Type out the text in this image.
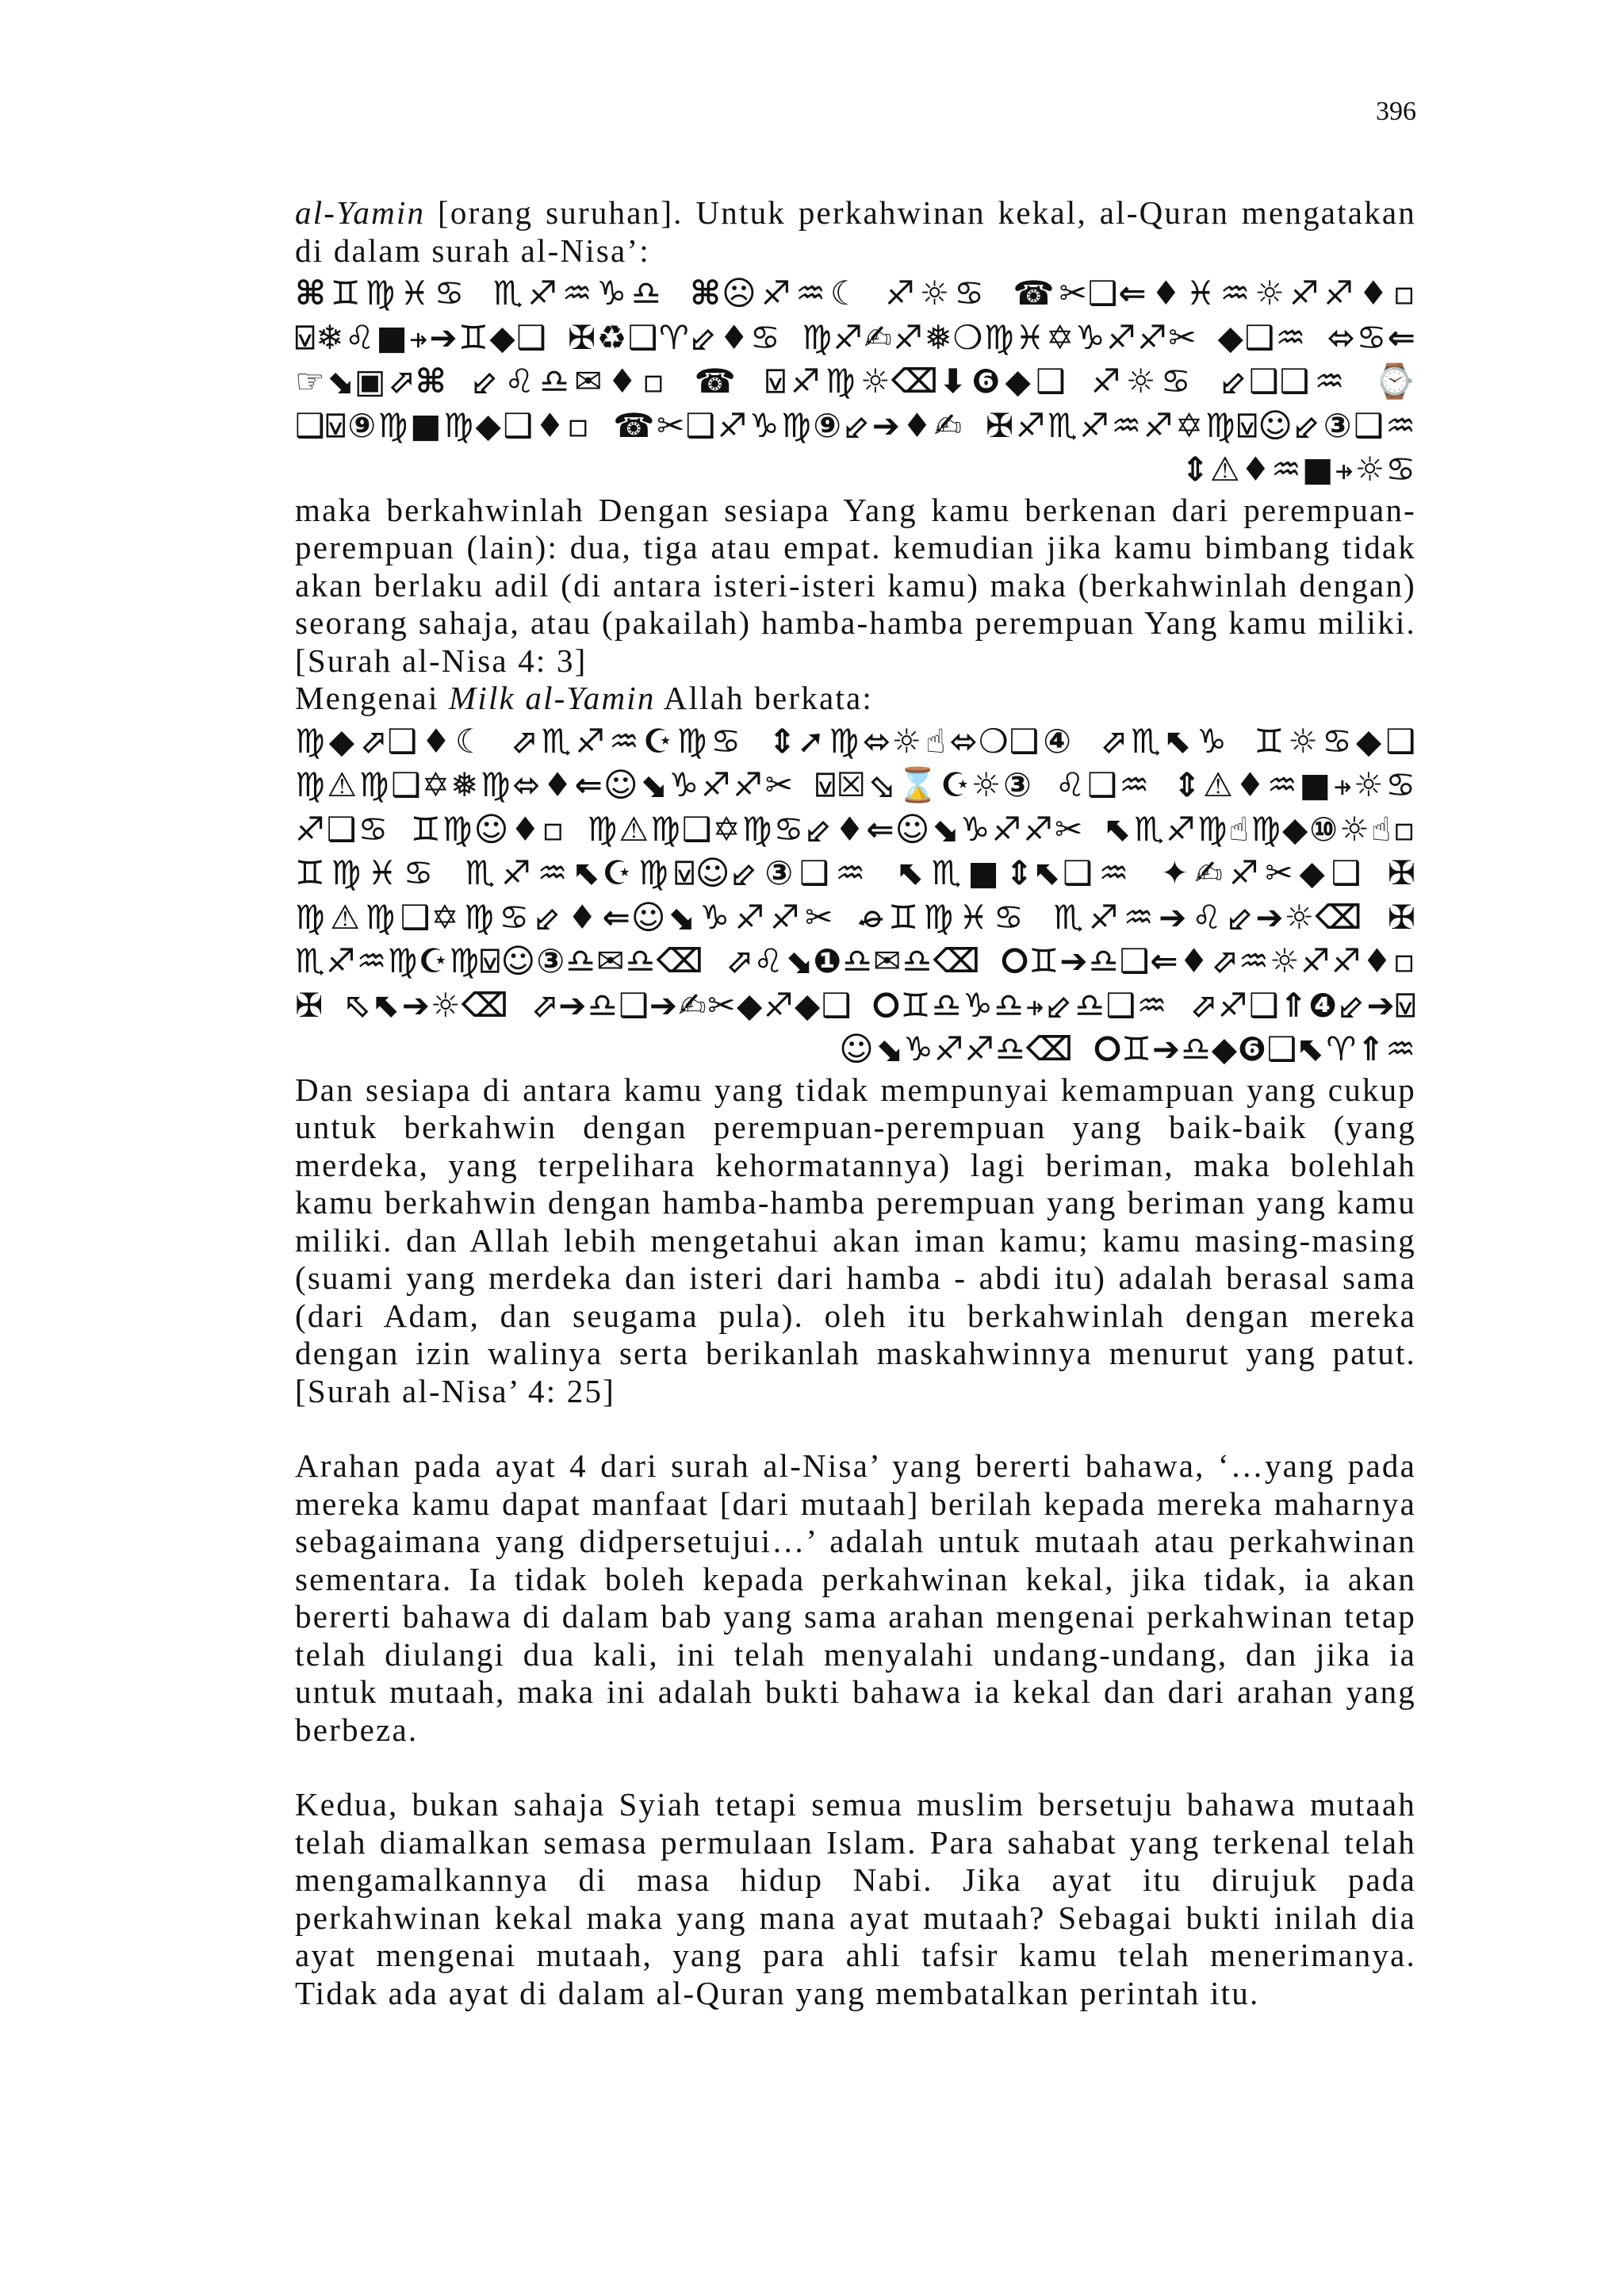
396

al-Yamin [orang suruhan]. Untuk perkahwinan kekal, al-Quran mengatakan di dalam surah al-Nisa’:

⌘♊♍♓♋ ♏♐♒♑♎ ⌘☹♐♒☾ ♐☼♋ ☎✂❑⇐♦♓♒☼♐♐♦▫ ⍌❄♌■⍆➔♊◆❑ ✠♻❑♈⬃♦♋ ♍♐✍♐❅❍♍♓✡♑♐♐✂ ◆❑♒ ⬄♋⇐☞⬊▣⬀⌘ ⬃♌♎✉♦▫ ☎ ⍌♐♍☼⌫⬇❻◆❑ ♐☼♋ ⬃❑❑♒ ⌚❑⍌⑨♍■♍◆❑♦▫ ☎✂❑♐♑♍⑨⬃➔♦✍ ✠♐♏♐♒♐✡♍⍌☺⬃③❑♒ ⇕⚠♦♒■⍆☼♋

maka berkahwinlah Dengan sesiapa Yang kamu berkenan dari perempuan-perempuan (lain): dua, tiga atau empat. kemudian jika kamu bimbang tidak akan berlaku adil (di antara isteri-isteri kamu) maka (berkahwinlah dengan) seorang sahaja, atau (pakailah) hamba-hamba perempuan Yang kamu miliki. [Surah al-Nisa 4: 3]

Mengenai Milk al-Yamin Allah berkata:

♍◆⬀❑♦☾ ⬀♏♐♒☪♍♋ ⇕➚♍⬄☼☝⬄❍❑④ ⬀♏⬉♑ ♊☼♋◆❑ ♍⚠♍❑✡❅♍⬄♦⇐☺⬊♑♐♐✂ ⍌☒⬂⌛☪☼③ ♌❑♒ ⇕⚠♦♒■⍆☼♋ ♐❑♋ ♊♍☺♦▫ ♍⚠♍❑✡♍♋⬃♦⇐☺⬊♑♐♐✂ ⬉♏♐♍☝♍◆⑩☼☝▫ ♊♍♓♋ ♏♐♒⬉☪♍⍌☺⬃③❑♒ ⬉♏■⇕⬉❑♒ ✦✍♐✂◆❑ ✠ ♍⚠♍❑✡♍♋⬃♦⇐☺⬊♑♐♐✂ ⌮♊♍♓♋ ♏♐♒➔♌⬃➔☼⌫ ✠ ♏♐♒♍☪♍⍌☺③♎✉♎⌫ ⬀♌⬊❶♎✉♎⌫ ⭘♊➔♎❑⇐♦⬀♒☼♐♐♦▫ ✠ ⬁⬉➔☼⌫ ⬀➔♎❑➔✍✂◆♐◆❑ ⭘♊♎♑♎⍆⬃♎❑♒ ⬀♐❑⇑❹⬃➔⍌☺⬊♑♐♐♎⌫ ⭘♊➔♎◆❻❑⬉♈⇑♒

Dan sesiapa di antara kamu yang tidak mempunyai kemampuan yang cukup untuk berkahwin dengan perempuan-perempuan yang baik-baik (yang merdeka, yang terpelihara kehormatannya) lagi beriman, maka bolehlah kamu berkahwin dengan hamba-hamba perempuan yang beriman yang kamu miliki. dan Allah lebih mengetahui akan iman kamu; kamu masing-masing (suami yang merdeka dan isteri dari hamba - abdi itu) adalah berasal sama (dari Adam, dan seugama pula). oleh itu berkahwinlah dengan mereka dengan izin walinya serta berikanlah maskahwinnya menurut yang patut. [Surah al-Nisa’ 4: 25]

Arahan pada ayat 4 dari surah al-Nisa’ yang bererti bahawa, ‘…yang pada mereka kamu dapat manfaat [dari mutaah] berilah kepada mereka maharnya sebagaimana yang didpersetujui…’ adalah untuk mutaah atau perkahwinan sementara. Ia tidak boleh kepada perkahwinan kekal, jika tidak, ia akan bererti bahawa di dalam bab yang sama arahan mengenai perkahwinan tetap telah diulangi dua kali, ini telah menyalahi undang-undang, dan jika ia untuk mutaah, maka ini adalah bukti bahawa ia kekal dan dari arahan yang berbeza.

Kedua, bukan sahaja Syiah tetapi semua muslim bersetuju bahawa mutaah telah diamalkan semasa permulaan Islam. Para sahabat yang terkenal telah mengamalkannya di masa hidup Nabi. Jika ayat itu dirujuk pada perkahwinan kekal maka yang mana ayat mutaah? Sebagai bukti inilah dia ayat mengenai mutaah, yang para ahli tafsir kamu telah menerimanya. Tidak ada ayat di dalam al-Quran yang membatalkan perintah itu.
